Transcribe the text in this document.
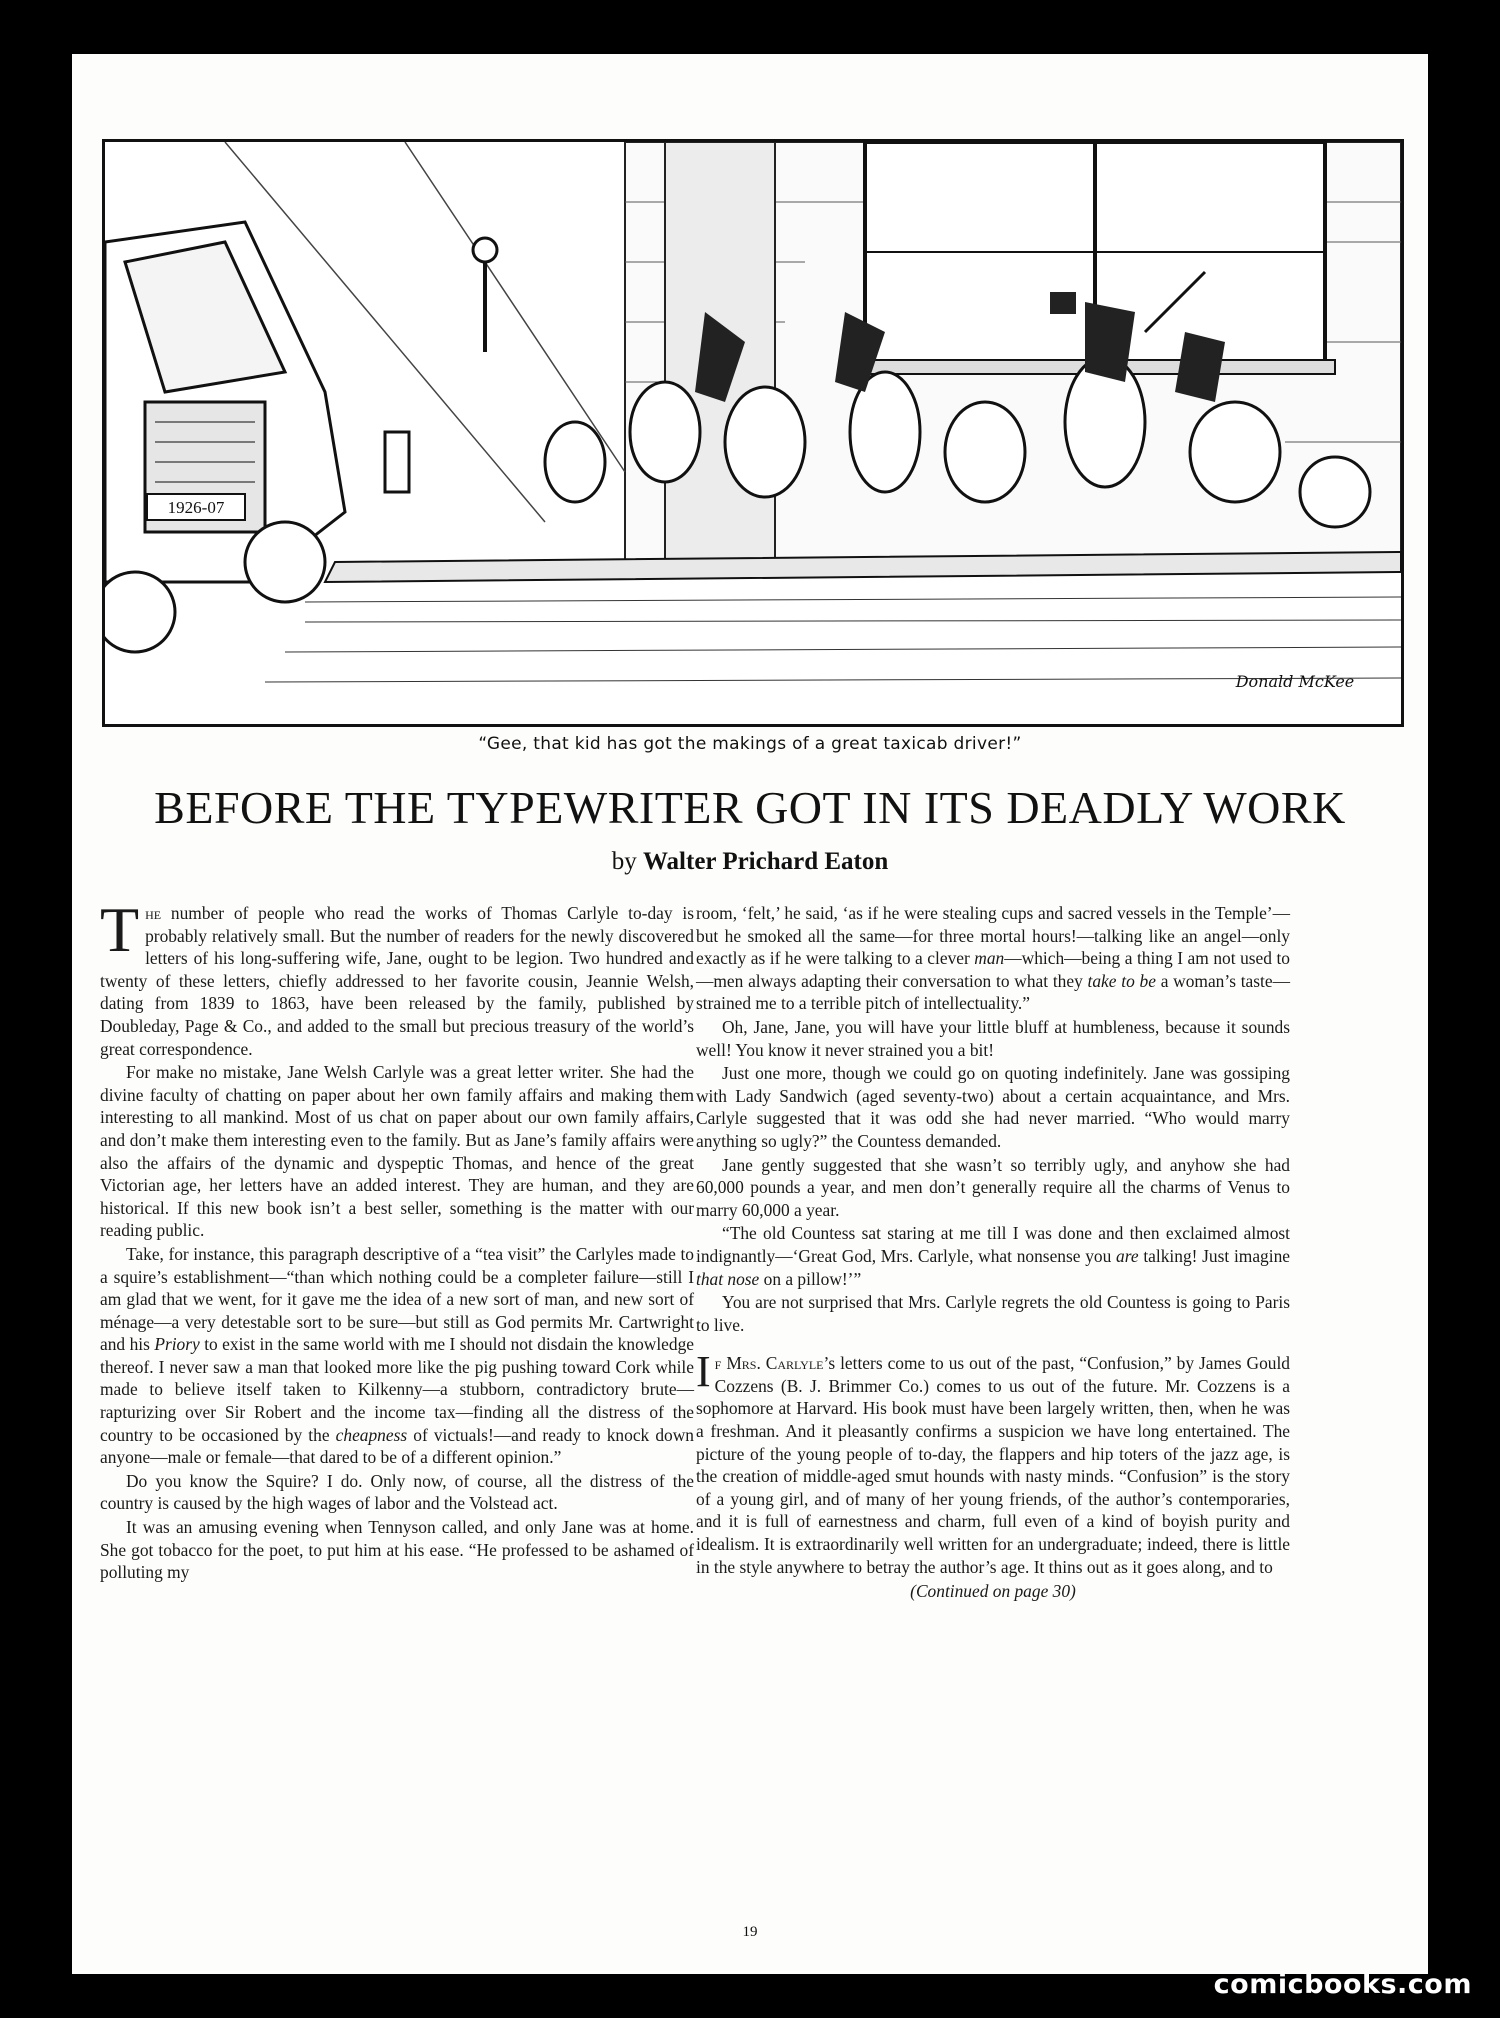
1926-07
Donald McKee
“Gee, that kid has got the makings of a great taxicab driver!”
BEFORE THE TYPEWRITER GOT IN ITS DEADLY WORK
by Walter Prichard Eaton

The number of people who read the works of Thomas Carlyle to-day is probably relatively small. But the number of readers for the newly discovered letters of his long-suffering wife, Jane, ought to be legion. Two hundred and twenty of these letters, chiefly addressed to her favorite cousin, Jeannie Welsh, dating from 1839 to 1863, have been released by the family, published by Doubleday, Page & Co., and added to the small but precious treasury of the world’s great correspondence.

For make no mistake, Jane Welsh Carlyle was a great letter writer. She had the divine faculty of chatting on paper about her own family affairs and making them interesting to all mankind. Most of us chat on paper about our own family affairs, and don’t make them interesting even to the family. But as Jane’s family affairs were also the affairs of the dynamic and dyspeptic Thomas, and hence of the great Victorian age, her letters have an added interest. They are human, and they are historical. If this new book isn’t a best seller, something is the matter with our reading public.

Take, for instance, this paragraph descriptive of a “tea visit” the Carlyles made to a squire’s establishment—“than which nothing could be a completer failure—still I am glad that we went, for it gave me the idea of a new sort of man, and new sort of ménage—a very detestable sort to be sure—but still as God permits Mr. Cartwright and his Priory to exist in the same world with me I should not disdain the knowledge thereof. I never saw a man that looked more like the pig pushing toward Cork while made to believe itself taken to Kilkenny—a stubborn, contradictory brute—rapturizing over Sir Robert and the income tax—finding all the distress of the country to be occasioned by the cheapness of victuals!—and ready to knock down anyone—male or female—that dared to be of a different opinion.”

Do you know the Squire? I do. Only now, of course, all the distress of the country is caused by the high wages of labor and the Volstead act.

It was an amusing evening when Tennyson called, and only Jane was at home. She got tobacco for the poet, to put him at his ease. “He professed to be ashamed of polluting my

room, ‘felt,’ he said, ‘as if he were stealing cups and sacred vessels in the Temple’—but he smoked all the same—for three mortal hours!—talking like an angel—only exactly as if he were talking to a clever man—which—being a thing I am not used to—men always adapting their conversation to what they take to be a woman’s taste—strained me to a terrible pitch of intellectuality.”

Oh, Jane, Jane, you will have your little bluff at humbleness, because it sounds well! You know it never strained you a bit!

Just one more, though we could go on quoting indefinitely. Jane was gossiping with Lady Sandwich (aged seventy-two) about a certain acquaintance, and Mrs. Carlyle suggested that it was odd she had never married. “Who would marry anything so ugly?” the Countess demanded.

Jane gently suggested that she wasn’t so terribly ugly, and anyhow she had 60,000 pounds a year, and men don’t generally require all the charms of Venus to marry 60,000 a year.

“The old Countess sat staring at me till I was done and then exclaimed almost indignantly—‘Great God, Mrs. Carlyle, what nonsense you are talking! Just imagine that nose on a pillow!’”

You are not surprised that Mrs. Carlyle regrets the old Countess is going to Paris to live.

If Mrs. Carlyle’s letters come to us out of the past, “Confusion,” by James Gould Cozzens (B. J. Brimmer Co.) comes to us out of the future. Mr. Cozzens is a sophomore at Harvard. His book must have been largely written, then, when he was a freshman. And it pleasantly confirms a suspicion we have long entertained. The picture of the young people of to-day, the flappers and hip toters of the jazz age, is the creation of middle-aged smut hounds with nasty minds. “Confusion” is the story of a young girl, and of many of her young friends, of the author’s contemporaries, and it is full of earnestness and charm, full even of a kind of boyish purity and idealism. It is extraordinarily well written for an undergraduate; indeed, there is little in the style anywhere to betray the author’s age. It thins out as it goes along, and to

(Continued on page 30)

19
comicbooks.com
